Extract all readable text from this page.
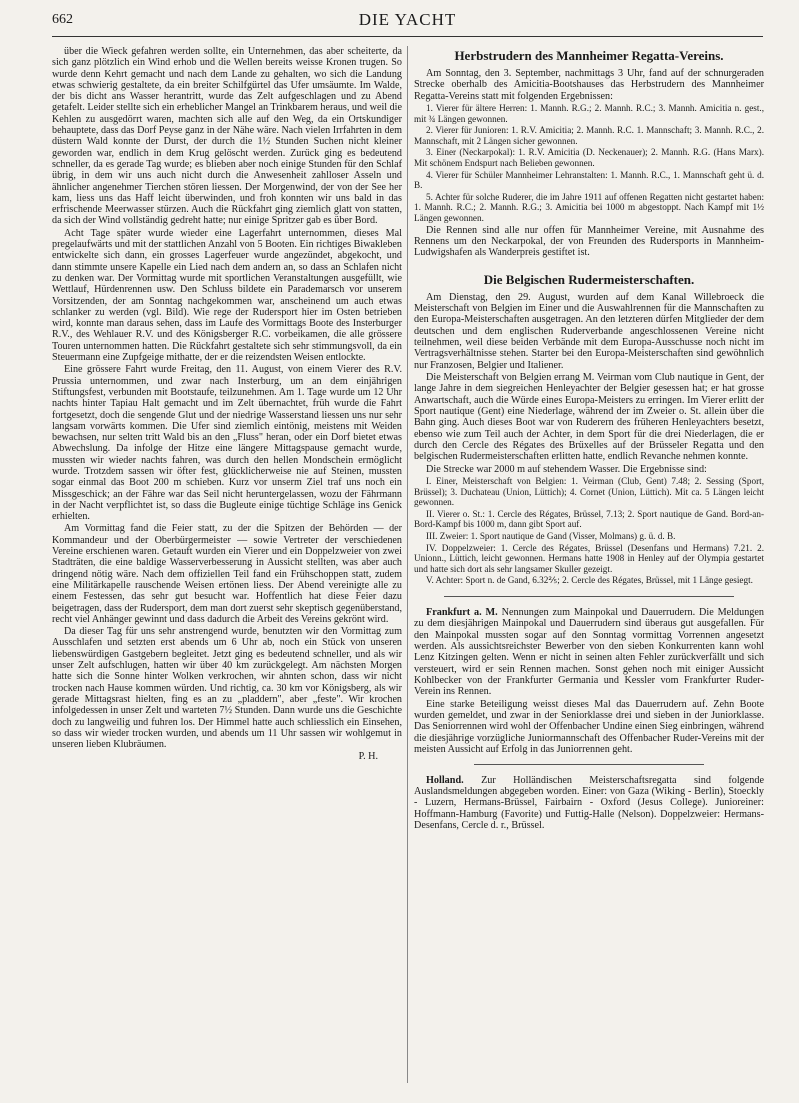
662	DIE YACHT

über die Wieck gefahren werden sollte, ein Unternehmen, das aber scheiterte, da sich ganz plötzlich ein Wind erhob und die Wellen bereits weisse Kronen trugen. So wurde denn Kehrt gemacht und nach dem Lande zu gehalten, wo sich die Landung etwas schwierig gestaltete, da ein breiter Schilfgürtel das Ufer umsäumte. Im Walde, der bis dicht ans Wasser herantritt, wurde das Zelt aufgeschlagen und zu Abend getafelt. Leider stellte sich ein erheblicher Mangel an Trinkbarem heraus, und weil die Kehlen zu ausgedörrt waren, machten sich alle auf den Weg, da ein Ortskundiger behauptete, dass das Dorf Peyse ganz in der Nähe wäre. Nach vielen Irrfahrten in dem düstern Wald konnte der Durst, der durch die 1½ Stunden Suchen nicht kleiner geworden war, endlich in dem Krug gelöscht werden. Zurück ging es bedeutend schneller, da es gerade Tag wurde; es blieben aber noch einige Stunden für den Schlaf übrig, in dem wir uns auch nicht durch die Anwesenheit zahlloser Asseln und ähnlicher angenehmer Tierchen stören liessen. Der Morgenwind, der von der See her kam, liess uns das Haff leicht überwinden, und froh konnten wir uns bald in das erfrischende Meerwasser stürzen. Auch die Rückfahrt ging ziemlich glatt von statten, da sich der Wind vollständig gedreht hatte; nur einige Spritzer gab es über Bord.

Acht Tage später wurde wieder eine Lagerfahrt unternommen, dieses Mal pregelaufwärts und mit der stattlichen Anzahl von 5 Booten. Ein richtiges Biwakleben entwickelte sich dann, ein grosses Lagerfeuer wurde angezündet, abgekocht, und dann stimmte unsere Kapelle ein Lied nach dem andern an, so dass an Schlafen nicht zu denken war. Der Vormittag wurde mit sportlichen Veranstaltungen ausgefüllt, wie Wettlauf, Hürdenrennen usw. Den Schluss bildete ein Parademarsch vor unserem Vorsitzenden, der am Sonntag nachgekommen war, anscheinend um auch etwas schlanker zu werden (vgl. Bild). Wie rege der Rudersport hier im Osten betrieben wird, konnte man daraus sehen, dass im Laufe des Vormittags Boote des Insterburger R.V., des Wehlauer R.V. und des Königsberger R.C. vorbeikamen, die alle grössere Touren unternommen hatten. Die Rückfahrt gestaltete sich sehr stimmungsvoll, da ein Steuermann eine Zupfgeige mithatte, der er die reizendsten Weisen entlockte.

Eine grössere Fahrt wurde Freitag, den 11. August, von einem Vierer des R.V. Prussia unternommen, und zwar nach Insterburg, um an dem einjährigen Stiftungsfest, verbunden mit Bootstaufe, teilzunehmen. Am 1. Tage wurde um 12 Uhr nachts hinter Tapiau Halt gemacht und im Zelt übernachtet, früh wurde die Fahrt fortgesetzt, doch die sengende Glut und der niedrige Wasserstand liessen uns nur sehr langsam vorwärts kommen. Die Ufer sind ziemlich eintönig, meistens mit Weiden bewachsen, nur selten tritt Wald bis an den „Fluss" heran, oder ein Dorf bietet etwas Abwechslung. Da infolge der Hitze eine längere Mittagspause gemacht wurde, mussten wir wieder nachts fahren, was durch den hellen Mondschein ermöglicht wurde. Trotzdem sassen wir öfter fest, glücklicherweise nie auf Steinen, mussten sogar einmal das Boot 200 m schieben. Kurz vor unserm Ziel traf uns noch ein Missgeschick; an der Fähre war das Seil nicht heruntergelassen, wozu der Fährmann in der Nacht verpflichtet ist, so dass die Bugleute einige tüchtige Schläge ins Genick erhielten.

Am Vormittag fand die Feier statt, zu der die Spitzen der Behörden — der Kommandeur und der Oberbürgermeister — sowie Vertreter der verschiedenen Vereine erschienen waren. Getauft wurden ein Vierer und ein Doppelzweier von zwei Stadträten, die eine baldige Wasserverbesserung in Aussicht stellten, was aber auch dringend nötig wäre. Nach dem offiziellen Teil fand ein Frühschoppen statt, zudem eine Militärkapelle rauschende Weisen ertönen liess. Der Abend vereinigte alle zu einem Festessen, das sehr gut besucht war. Hoffentlich hat diese Feier dazu beigetragen, dass der Rudersport, dem man dort zuerst sehr skeptisch gegenüberstand, recht viel Anhänger gewinnt und dass dadurch die Arbeit des Vereins gekrönt wird.

Da dieser Tag für uns sehr anstrengend wurde, benutzten wir den Vormittag zum Ausschlafen und setzten erst abends um 6 Uhr ab, noch ein Stück von unseren liebenswürdigen Gastgebern begleitet. Jetzt ging es bedeutend schneller, und als wir unser Zelt aufschlugen, hatten wir über 40 km zurückgelegt. Am nächsten Morgen hatte sich die Sonne hinter Wolken verkrochen, wir ahnten schon, dass wir nicht trocken nach Hause kommen würden. Und richtig, ca. 30 km vor Königsberg, als wir gerade Mittagsrast hielten, fing es an zu „pladdern", aber „feste". Wir krochen infolgedessen in unser Zelt und warteten 7½ Stunden. Dann wurde uns die Geschichte doch zu langweilig und fuhren los. Der Himmel hatte auch schliesslich ein Einsehen, so dass wir wieder trocken wurden, und abends um 11 Uhr sassen wir wohlgemut in unseren lieben Klubräumen.

P. H.

Herbstrudern des Mannheimer Regatta-Vereins.

Am Sonntag, den 3. September, nachmittags 3 Uhr, fand auf der schnurgeraden Strecke oberhalb des Amicitia-Bootshauses das Herbstrudern des Mannheimer Regatta-Vereins statt mit folgenden Ergebnissen:

1. Vierer für ältere Herren: 1. Mannh. R.G.; 2. Mannh. R.C.; 3. Mannh. Amicitia n. gest., mit ¾ Längen gewonnen.

2. Vierer für Junioren: 1. R.V. Amicitia; 2. Mannh. R.C. 1. Mannschaft; 3. Mannh. R.C., 2. Mannschaft, mit 2 Längen sicher gewonnen.

3. Einer (Neckarpokal): 1. R.V. Amicitia (D. Neckenauer); 2. Mannh. R.G. (Hans Marx). Mit schönem Endspurt nach Belieben gewonnen.

4. Vierer für Schüler Mannheimer Lehranstalten: 1. Mannh. R.C., 1. Mannschaft geht ü. d. B.

5. Achter für solche Ruderer, die im Jahre 1911 auf offenen Regatten nicht gestartet haben: 1. Mannh. R.C.; 2. Mannh. R.G.; 3. Amicitia bei 1000 m abgestoppt. Nach Kampf mit 1½ Längen gewonnen.

Die Rennen sind alle nur offen für Mannheimer Vereine, mit Ausnahme des Rennens um den Neckarpokal, der von Freunden des Rudersports in Mannheim-Ludwigshafen als Wanderpreis gestiftet ist.

Die Belgischen Rudermeisterschaften.

Am Dienstag, den 29. August, wurden auf dem Kanal Willebroeck die Meisterschaft von Belgien im Einer und die Auswahlrennen für die Mannschaften zu den Europa-Meisterschaften ausgetragen. An den letzteren dürfen Mitglieder der dem deutschen und dem englischen Ruderverbande angeschlossenen Vereine nicht teilnehmen, weil diese beiden Verbände mit dem Europa-Ausschusse noch nicht im Vertragsverhältnisse stehen. Starter bei den Europa-Meisterschaften sind gewöhnlich nur Franzosen, Belgier und Italiener.

Die Meisterschaft von Belgien errang M. Veirman vom Club nautique in Gent, der lange Jahre in dem siegreichen Henleyachter der Belgier gesessen hat; er hat grosse Anwartschaft, auch die Würde eines Europa-Meisters zu erringen. Im Vierer erlitt der Sport nautique (Gent) eine Niederlage, während der im Zweier o. St. allein über die Bahn ging. Auch dieses Boot war von Ruderern des früheren Henleyachters besetzt, ebenso wie zum Teil auch der Achter, in dem Sport für die drei Niederlagen, die er durch den Cercle des Régates des Brüxelles auf der Brüsseler Regatta und den belgischen Rudermeisterschaften erlitten hatte, endlich Revanche nehmen konnte.

Die Strecke war 2000 m auf stehendem Wasser. Die Ergebnisse sind:

I. Einer, Meisterschaft von Belgien: 1. Veirman (Club, Gent) 7.48; 2. Sessing (Sport, Brüssel); 3. Duchateau (Union, Lüttich); 4. Cornet (Union, Lüttich). Mit ca. 5 Längen leicht gewonnen.

II. Vierer o. St.: 1. Cercle des Régates, Brüssel, 7.13; 2. Sport nautique de Gand. Bord-an-Bord-Kampf bis 1000 m, dann gibt Sport auf.

III. Zweier: 1. Sport nautique de Gand (Visser, Molmans) g. ü. d. B.

IV. Doppelzweier: 1. Cercle des Régates, Brüssel (Desenfans und Hermans) 7.21. 2. Unionn., Lüttich, leicht gewonnen. Hermans hatte 1908 in Henley auf der Olympia gestartet und hatte sich dort als sehr langsamer Skuller gezeigt.

V. Achter: Sport n. de Gand, 6.32⅖; 2. Cercle des Régates, Brüssel, mit 1 Länge gesiegt.

Frankfurt a. M. Nennungen zum Mainpokal und Dauerrudern. Die Meldungen zu dem diesjährigen Mainpokal und Dauerrudern sind überaus gut ausgefallen. Für den Mainpokal mussten sogar auf den Sonntag vormittag Vorrennen angesetzt werden. Als aussichtsreichster Bewerber von den sieben Konkurrenten kann wohl Lenz Kitzingen gelten. Wenn er nicht in seinen alten Fehler zurückverfällt und sich versteuert, wird er sein Rennen machen. Sonst gehen noch mit einiger Aussicht Kohlbecker von der Frankfurter Germania und Kessler vom Frankfurter Ruder-Verein ins Rennen.

Eine starke Beteiligung weisst dieses Mal das Dauerrudern auf. Zehn Boote wurden gemeldet, und zwar in der Seniorklasse drei und sieben in der Juniorklasse. Das Seniorrennen wird wohl der Offenbacher Undine einen Sieg einbringen, während die diesjährige vorzügliche Juniormannschaft des Offenbacher Ruder-Vereins mit der meisten Aussicht auf Erfolg in das Juniorrennen geht.

Holland. Zur Holländischen Meisterschaftsregatta sind folgende Auslandsmeldungen abgegeben worden. Einer: von Gaza (Wiking - Berlin), Stoeckly - Luzern, Hermans-Brüssel, Fairbairn - Oxford (Jesus College). Junioreiner: Hoffmann-Hamburg (Favorite) und Futtig-Halle (Nelson). Doppelzweier: Hermans-Desenfans, Cercle d. r., Brüssel.
